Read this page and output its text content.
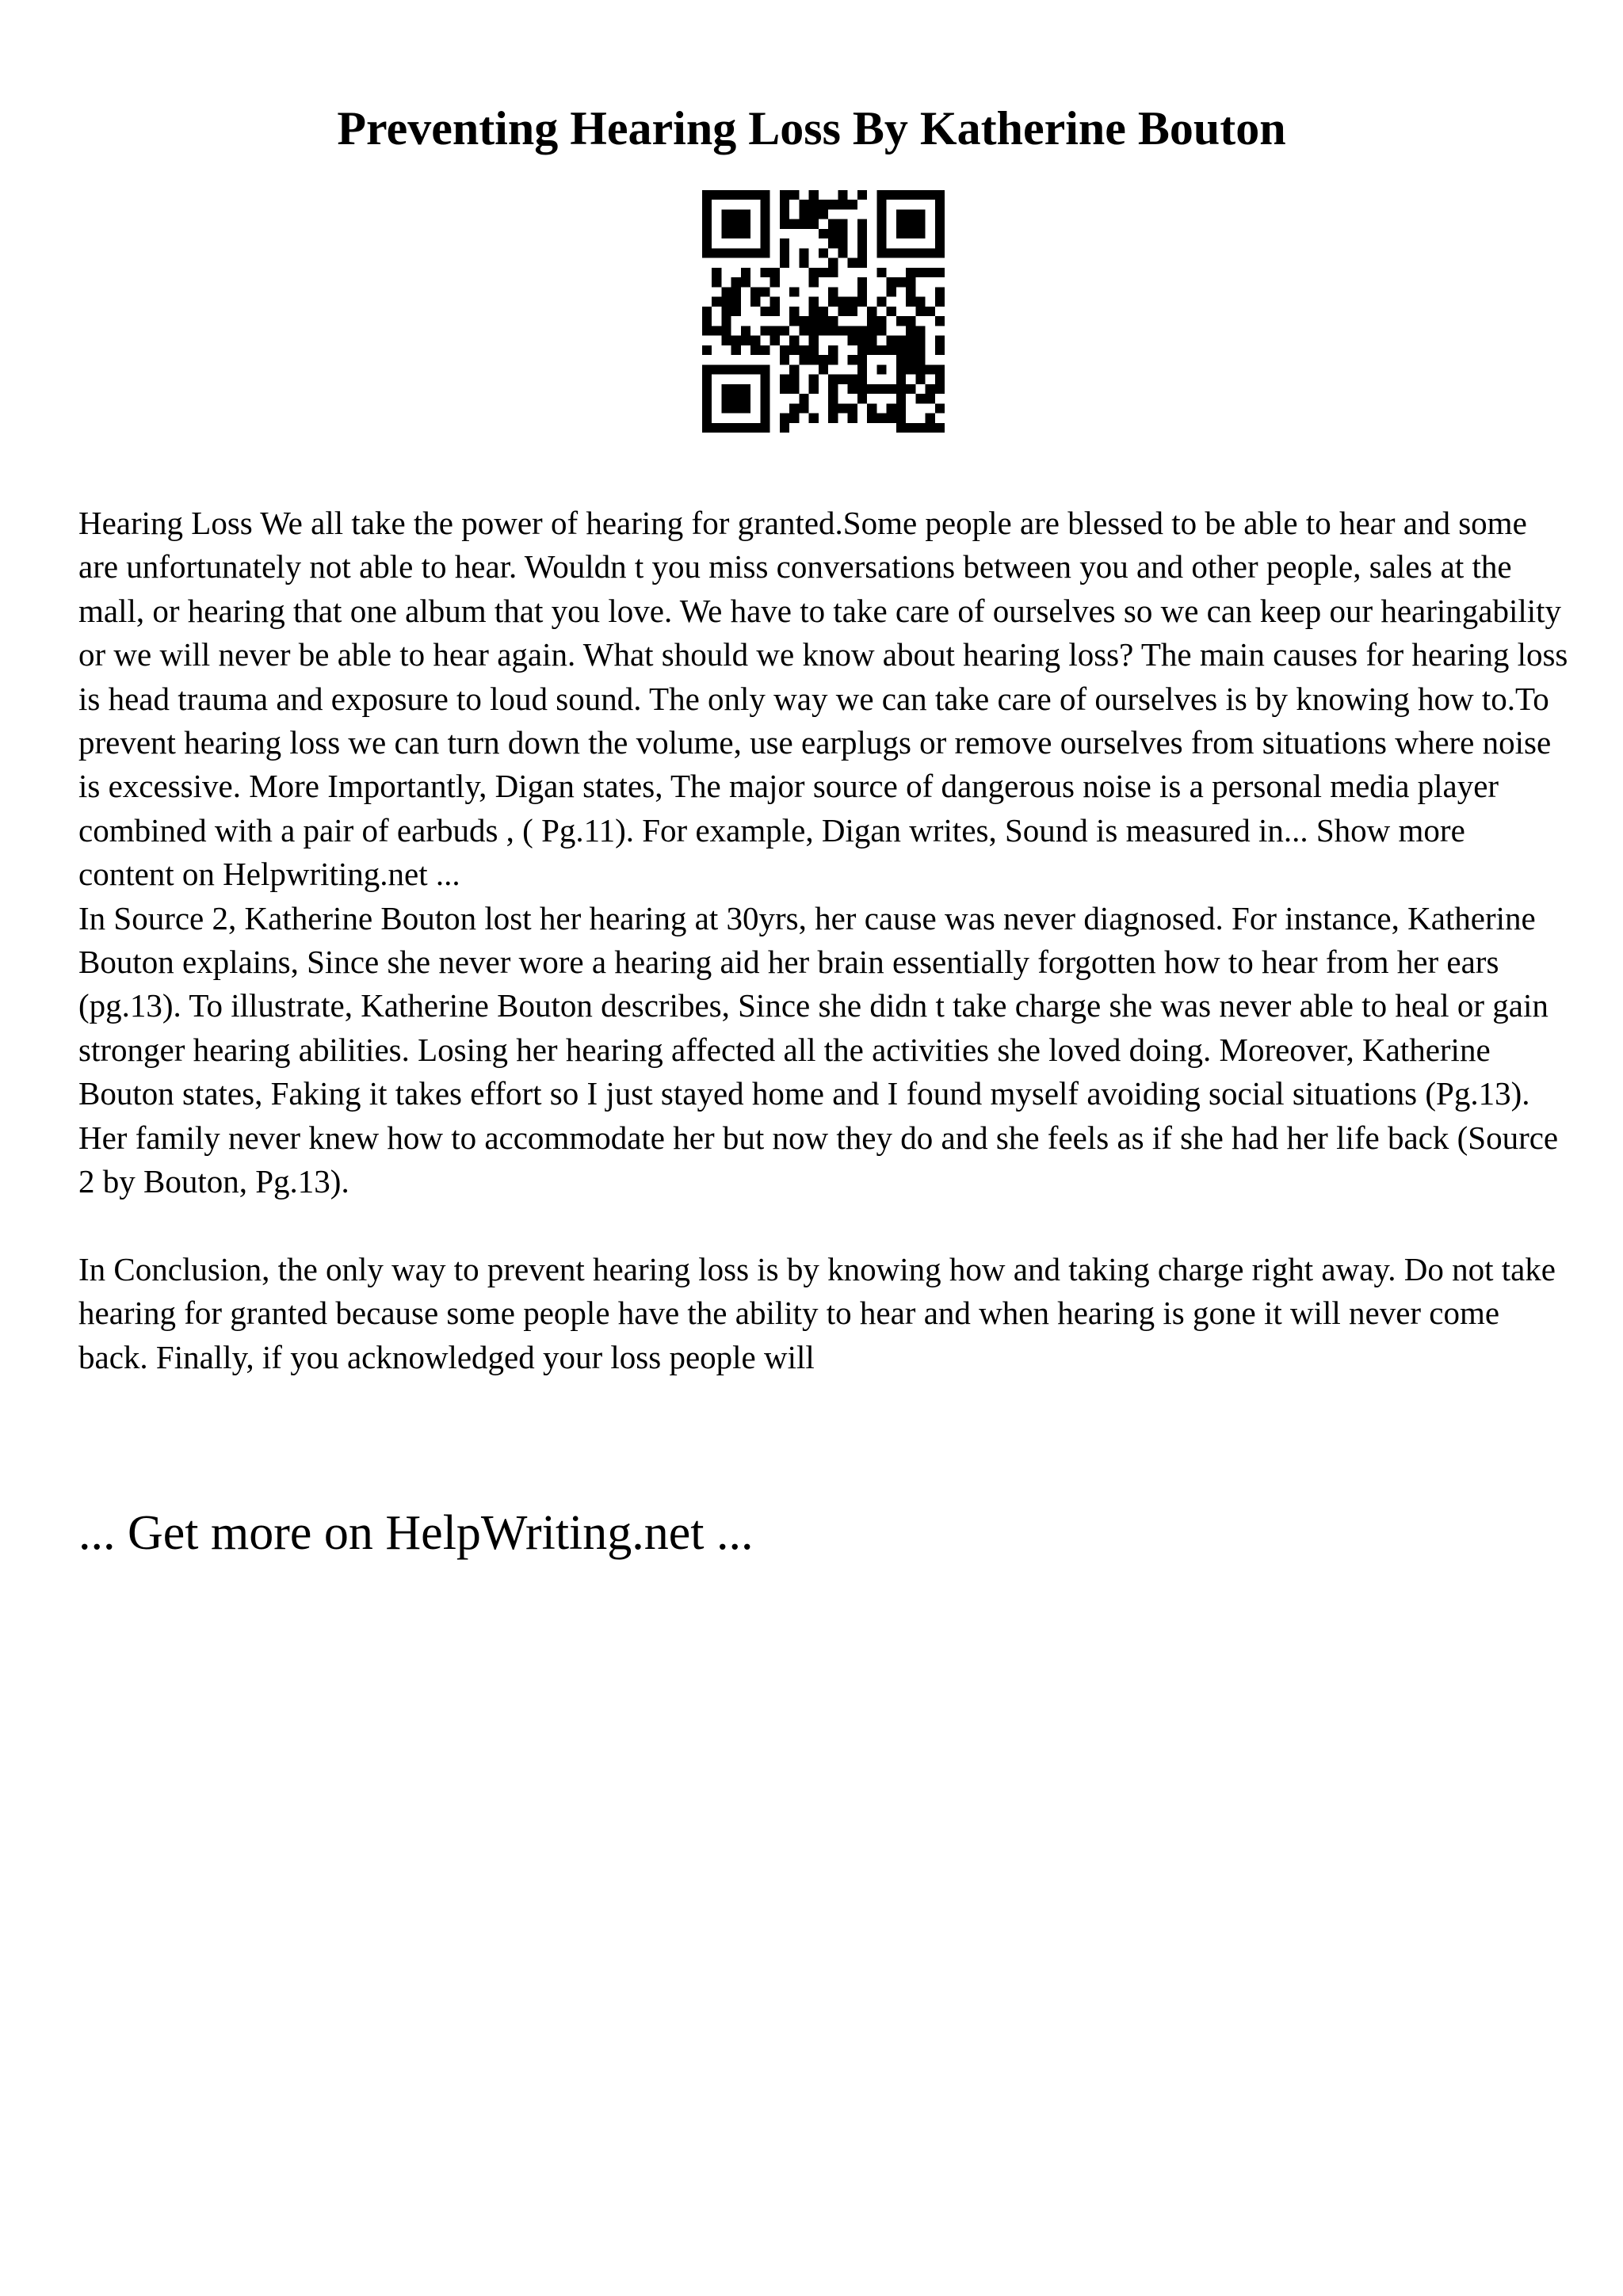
Preventing Hearing Loss By Katherine Bouton

Hearing Loss We all take the power of hearing for granted.Some people are blessed to be able to hear and some are unfortunately not able to hear. Wouldn t you miss conversations between you and other people, sales at the mall, or hearing that one album that you love. We have to take care of ourselves so we can keep our hearingability or we will never be able to hear again. What should we know about hearing loss? The main causes for hearing loss is head trauma and exposure to loud sound. The only way we can take care of ourselves is by knowing how to.To prevent hearing loss we can turn down the volume, use earplugs or remove ourselves from situations where noise is excessive. More Importantly, Digan states, The major source of dangerous noise is a personal media player combined with a pair of earbuds , ( Pg.11). For example, Digan writes, Sound is measured in... Show more content on Helpwriting.net ...

In Source 2, Katherine Bouton lost her hearing at 30yrs, her cause was never diagnosed. For instance, Katherine Bouton explains, Since she never wore a hearing aid her brain essentially forgotten how to hear from her ears (pg.13). To illustrate, Katherine Bouton describes, Since she didn t take charge she was never able to heal or gain stronger hearing abilities. Losing her hearing affected all the activities she loved doing. Moreover, Katherine Bouton states, Faking it takes effort so I just stayed home and I found myself avoiding social situations (Pg.13). Her family never knew how to accommodate her but now they do and she feels as if she had her life back (Source 2 by Bouton, Pg.13).

In Conclusion, the only way to prevent hearing loss is by knowing how and taking charge right away. Do not take hearing for granted because some people have the ability to hear and when hearing is gone it will never come back. Finally, if you acknowledged your loss people will

... Get more on HelpWriting.net ...
